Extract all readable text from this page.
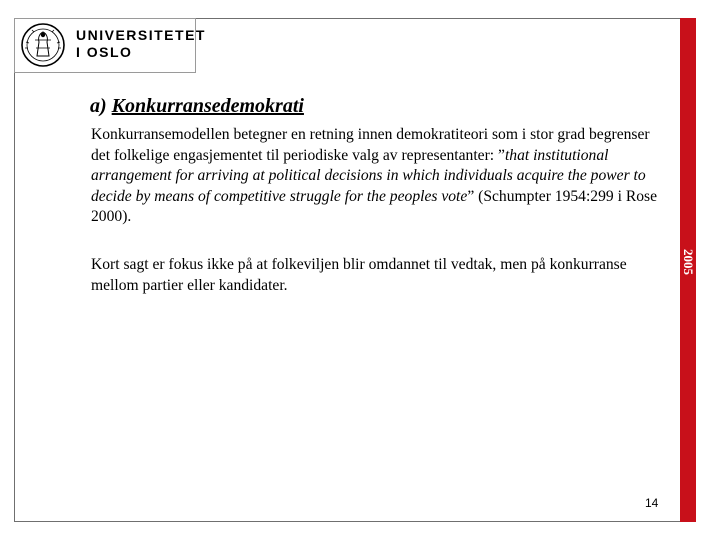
UNIVERSITETET
I OSLO
2005
a) Konkurransedemokrati
Konkurransemodellen betegner en retning innen demokratiteori som i stor grad begrenser det folkelige engasjementet til periodiske valg av representanter: ”that institutional arrangement for arriving at political decisions in which individuals acquire the power to decide by means of competitive struggle for the peoples vote” (Schumpter 1954:299 i Rose 2000).
Kort sagt er fokus ikke på at folkeviljen blir omdannet til vedtak, men på konkurranse mellom partier eller kandidater.
14
